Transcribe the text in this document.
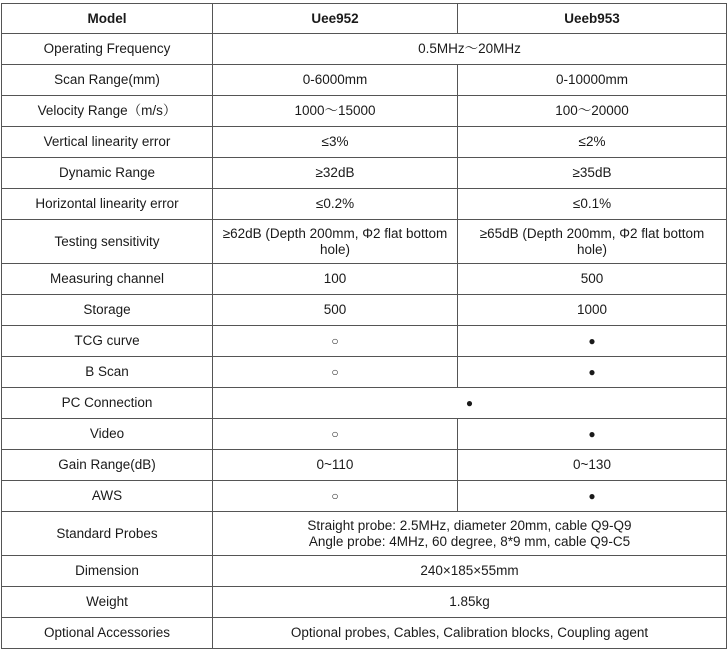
Model	Uee952	Ueeb953
Operating Frequency	0.5MHz～20MHz	
Scan Range(mm)	0-6000mm	0-10000mm
Velocity Range（m/s）	1000～15000	100～20000
Vertical linearity error	≤3%	≤2%
Dynamic Range	≥32dB	≥35dB
Horizontal linearity error	≤0.2%	≤0.1%
Testing sensitivity	≥62dB (Depth 200mm, Φ2 flat bottom hole)	≥65dB (Depth 200mm, Φ2 flat bottom hole)
Measuring channel	100	500
Storage	500	1000
TCG curve	○	●
B Scan	○	●
PC Connection	●	
Video	○	●
Gain Range(dB)	0~110	0~130
AWS	○	●
Standard Probes	Straight probe: 2.5MHz, diameter 20mm, cable Q9-Q9
Angle probe: 4MHz, 60 degree, 8*9 mm, cable Q9-C5	

Dimension	240×185×55mm	
Weight	1.85kg	
Optional Accessories	Optional probes, Cables, Calibration blocks, Coupling agent	
